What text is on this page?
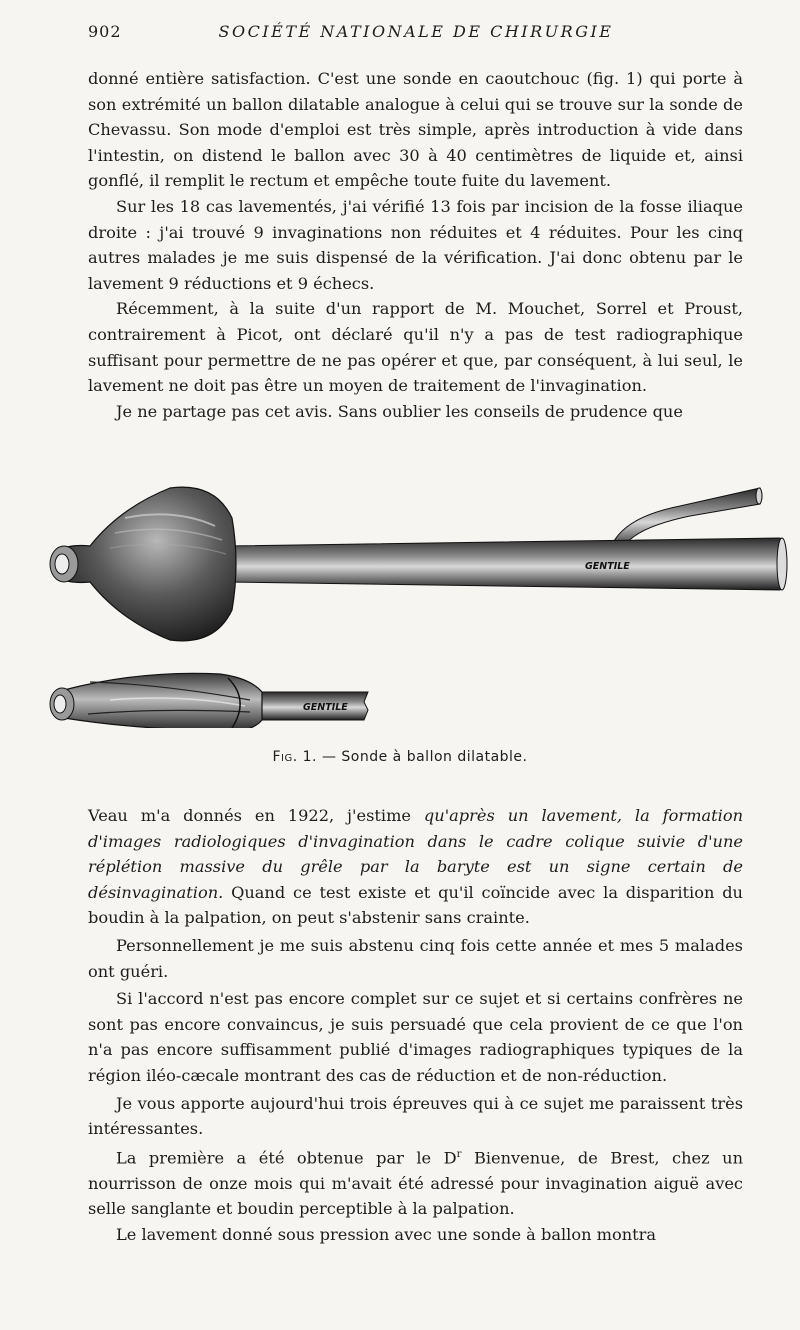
902	SOCIÉTÉ NATIONALE DE CHIRURGIE

donné entière satisfaction. C'est une sonde en caoutchouc (fig. 1) qui porte à son extrémité un ballon dilatable analogue à celui qui se trouve sur la sonde de Chevassu. Son mode d'emploi est très simple, après introduction à vide dans l'intestin, on distend le ballon avec 30 à 40 centimètres de liquide et, ainsi gonflé, il remplit le rectum et empêche toute fuite du lavement.

Sur les 18 cas lavementés, j'ai vérifié 13 fois par incision de la fosse iliaque droite : j'ai trouvé 9 invaginations non réduites et 4 réduites. Pour les cinq autres malades je me suis dispensé de la vérification. J'ai donc obtenu par le lavement 9 réductions et 9 échecs.

Récemment, à la suite d'un rapport de M. Mouchet, Sorrel et Proust, contrairement à Picot, ont déclaré qu'il n'y a pas de test radiographique suffisant pour permettre de ne pas opérer et que, par conséquent, à lui seul, le lavement ne doit pas être un moyen de traitement de l'invagination.

Je ne partage pas cet avis. Sans oublier les conseils de prudence que

GENTILE
GENTILE
Fig. 1. — Sonde à ballon dilatable.

Veau m'a donnés en 1922, j'estime qu'après un lavement, la formation d'images radiologiques d'invagination dans le cadre colique suivie d'une réplétion massive du grêle par la baryte est un signe certain de désinvagination. Quand ce test existe et qu'il coïncide avec la disparition du boudin à la palpation, on peut s'abstenir sans crainte.

Personnellement je me suis abstenu cinq fois cette année et mes 5 malades ont guéri.

Si l'accord n'est pas encore complet sur ce sujet et si certains confrères ne sont pas encore convaincus, je suis persuadé que cela provient de ce que l'on n'a pas encore suffisamment publié d'images radiographiques typiques de la région iléo-cæcale montrant des cas de réduction et de non-réduction.

Je vous apporte aujourd'hui trois épreuves qui à ce sujet me paraissent très intéressantes.

La première a été obtenue par le $D^r$ Bienvenue, de Brest, chez un nourrisson de onze mois qui m'avait été adressé pour invagination aiguë avec selle sanglante et boudin perceptible à la palpation.

Le lavement donné sous pression avec une sonde à ballon montra
